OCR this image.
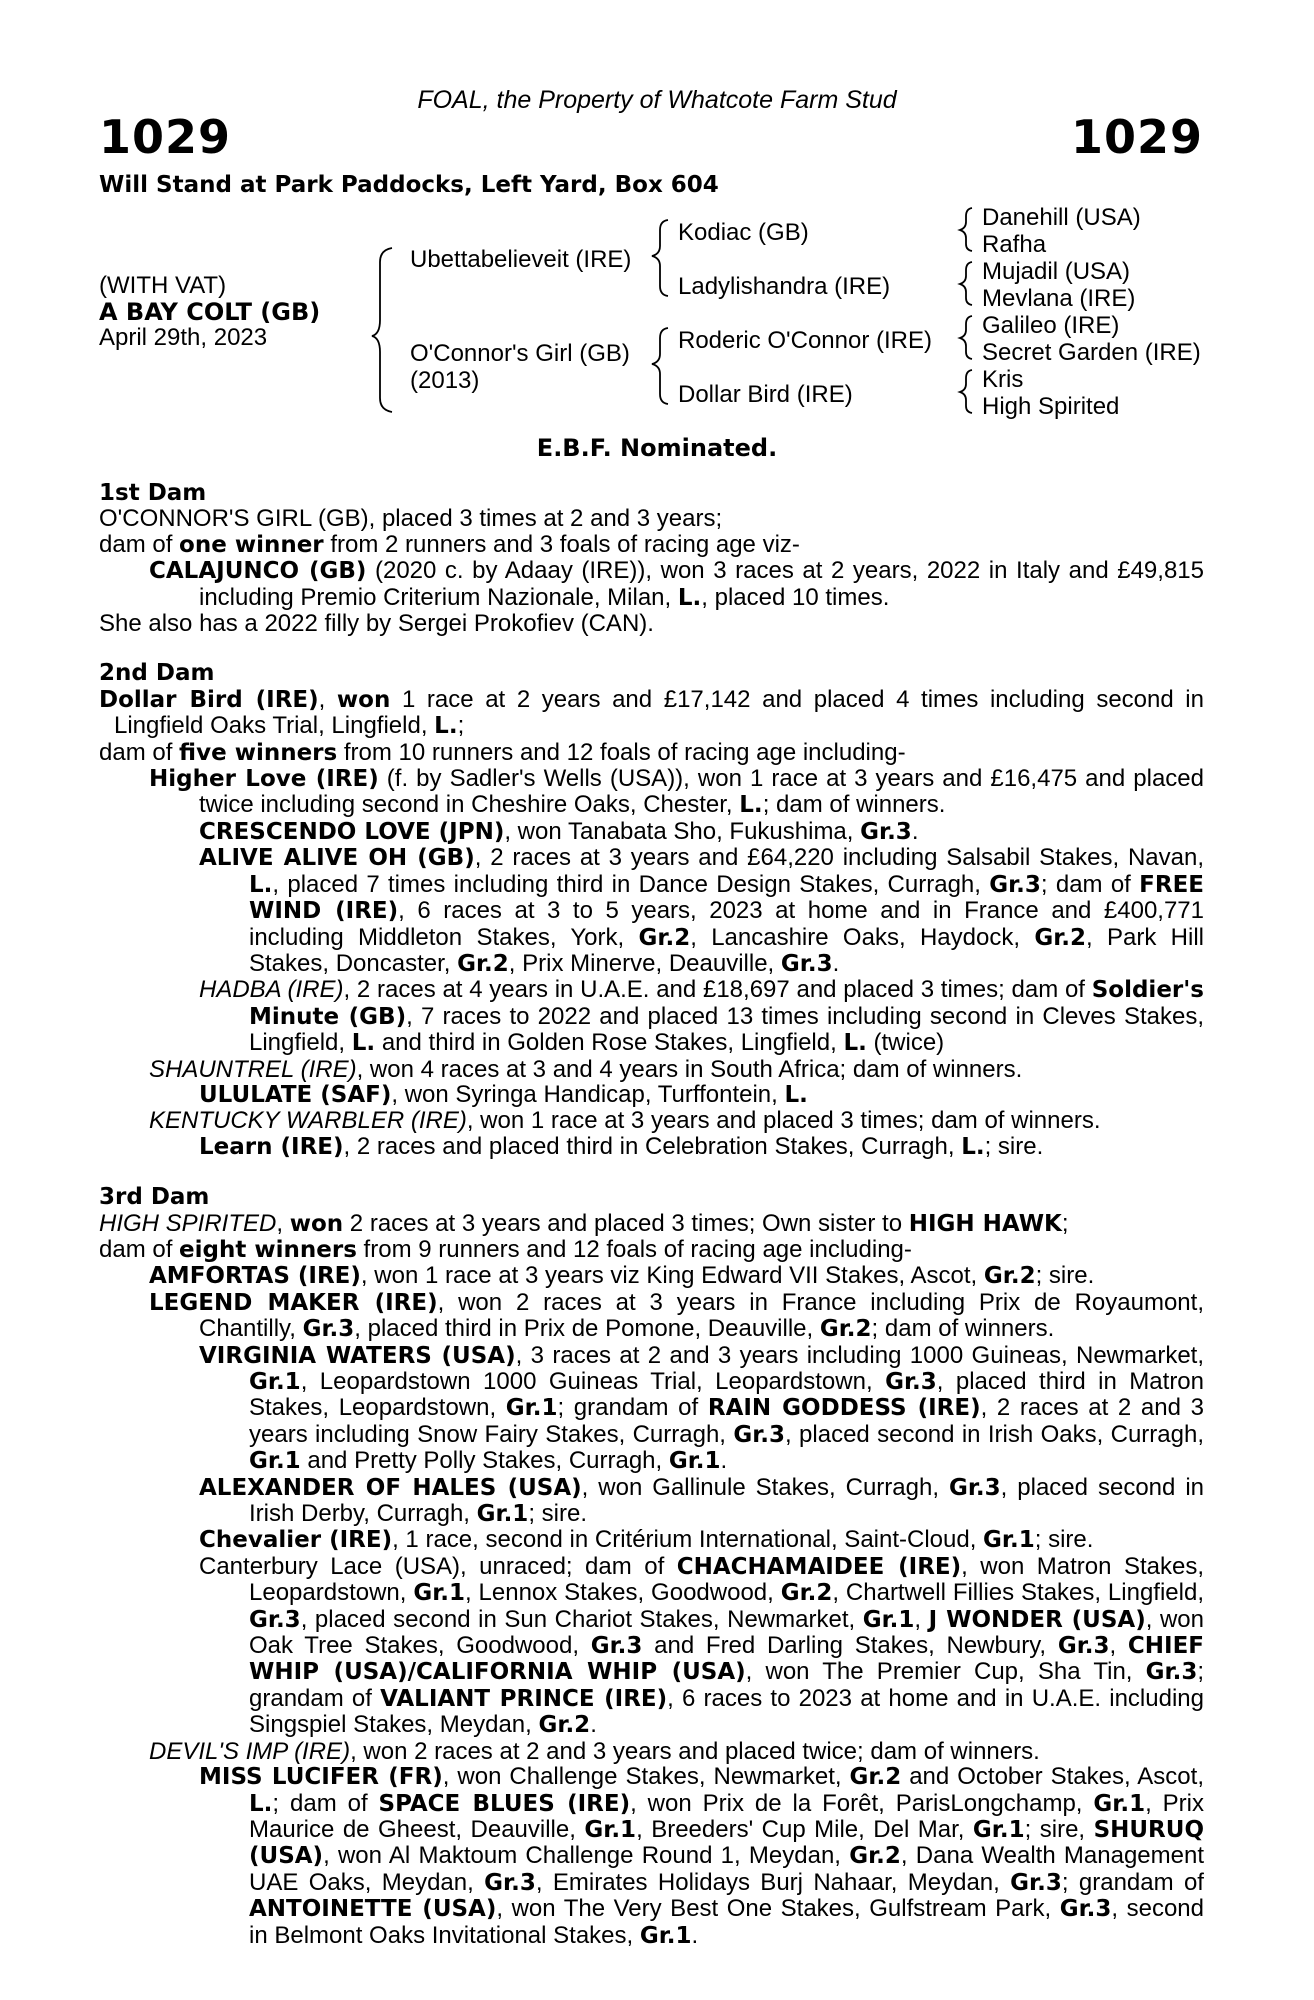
FOAL, the Property of Whatcote Farm Stud
1029	1029
Will Stand at Park Paddocks, Left Yard, Box 604
(WITH VAT)
A BAY COLT (GB)
April 29th, 2023
Ubettabelieveit (IRE)
O'Connor's Girl (GB)
(2013)
Kodiac (GB)
Ladylishandra (IRE)
Roderic O'Connor (IRE)
Dollar Bird (IRE)
Danehill (USA)
Rafha
Mujadil (USA)
Mevlana (IRE)
Galileo (IRE)
Secret Garden (IRE)
Kris
High Spirited
E.B.F. Nominated.
1st Dam
O'CONNOR'S GIRL (GB), placed 3 times at 2 and 3 years;
dam of one winner from 2 runners and 3 foals of racing age viz-
CALAJUNCO (GB) (2020 c. by Adaay (IRE)), won 3 races at 2 years, 2022 in Italy and £49,815 including Premio Criterium Nazionale, Milan, L., placed 10 times.
She also has a 2022 filly by Sergei Prokofiev (CAN).
2nd Dam
Dollar Bird (IRE), won 1 race at 2 years and £17,142 and placed 4 times including second in Lingfield Oaks Trial, Lingfield, L.;
dam of five winners from 10 runners and 12 foals of racing age including-
Higher Love (IRE) (f. by Sadler's Wells (USA)), won 1 race at 3 years and £16,475 and placed twice including second in Cheshire Oaks, Chester, L.; dam of winners.
CRESCENDO LOVE (JPN), won Tanabata Sho, Fukushima, Gr.3.
ALIVE ALIVE OH (GB), 2 races at 3 years and £64,220 including Salsabil Stakes, Navan, L., placed 7 times including third in Dance Design Stakes, Curragh, Gr.3; dam of FREE WIND (IRE), 6 races at 3 to 5 years, 2023 at home and in France and £400,771 including Middleton Stakes, York, Gr.2, Lancashire Oaks, Haydock, Gr.2, Park Hill Stakes, Doncaster, Gr.2, Prix Minerve, Deauville, Gr.3.
HADBA (IRE), 2 races at 4 years in U.A.E. and £18,697 and placed 3 times; dam of Soldier's Minute (GB), 7 races to 2022 and placed 13 times including second in Cleves Stakes, Lingfield, L. and third in Golden Rose Stakes, Lingfield, L. (twice)
SHAUNTREL (IRE), won 4 races at 3 and 4 years in South Africa; dam of winners.
ULULATE (SAF), won Syringa Handicap, Turffontein, L.
KENTUCKY WARBLER (IRE), won 1 race at 3 years and placed 3 times; dam of winners.
Learn (IRE), 2 races and placed third in Celebration Stakes, Curragh, L.; sire.
3rd Dam
HIGH SPIRITED, won 2 races at 3 years and placed 3 times; Own sister to HIGH HAWK;
dam of eight winners from 9 runners and 12 foals of racing age including-
AMFORTAS (IRE), won 1 race at 3 years viz King Edward VII Stakes, Ascot, Gr.2; sire.
LEGEND MAKER (IRE), won 2 races at 3 years in France including Prix de Royaumont, Chantilly, Gr.3, placed third in Prix de Pomone, Deauville, Gr.2; dam of winners.
VIRGINIA WATERS (USA), 3 races at 2 and 3 years including 1000 Guineas, Newmarket, Gr.1, Leopardstown 1000 Guineas Trial, Leopardstown, Gr.3, placed third in Matron Stakes, Leopardstown, Gr.1; grandam of RAIN GODDESS (IRE), 2 races at 2 and 3 years including Snow Fairy Stakes, Curragh, Gr.3, placed second in Irish Oaks, Curragh, Gr.1 and Pretty Polly Stakes, Curragh, Gr.1.
ALEXANDER OF HALES (USA), won Gallinule Stakes, Curragh, Gr.3, placed second in Irish Derby, Curragh, Gr.1; sire.
Chevalier (IRE), 1 race, second in Critérium International, Saint-Cloud, Gr.1; sire.
Canterbury Lace (USA), unraced; dam of CHACHAMAIDEE (IRE), won Matron Stakes, Leopardstown, Gr.1, Lennox Stakes, Goodwood, Gr.2, Chartwell Fillies Stakes, Lingfield, Gr.3, placed second in Sun Chariot Stakes, Newmarket, Gr.1, J WONDER (USA), won Oak Tree Stakes, Goodwood, Gr.3 and Fred Darling Stakes, Newbury, Gr.3, CHIEF WHIP (USA)/CALIFORNIA WHIP (USA), won The Premier Cup, Sha Tin, Gr.3; grandam of VALIANT PRINCE (IRE), 6 races to 2023 at home and in U.A.E. including Singspiel Stakes, Meydan, Gr.2.
DEVIL'S IMP (IRE), won 2 races at 2 and 3 years and placed twice; dam of winners.
MISS LUCIFER (FR), won Challenge Stakes, Newmarket, Gr.2 and October Stakes, Ascot, L.; dam of SPACE BLUES (IRE), won Prix de la Forêt, ParisLongchamp, Gr.1, Prix Maurice de Gheest, Deauville, Gr.1, Breeders' Cup Mile, Del Mar, Gr.1; sire, SHURUQ (USA), won Al Maktoum Challenge Round 1, Meydan, Gr.2, Dana Wealth Management UAE Oaks, Meydan, Gr.3, Emirates Holidays Burj Nahaar, Meydan, Gr.3; grandam of ANTOINETTE (USA), won The Very Best One Stakes, Gulfstream Park, Gr.3, second in Belmont Oaks Invitational Stakes, Gr.1.
